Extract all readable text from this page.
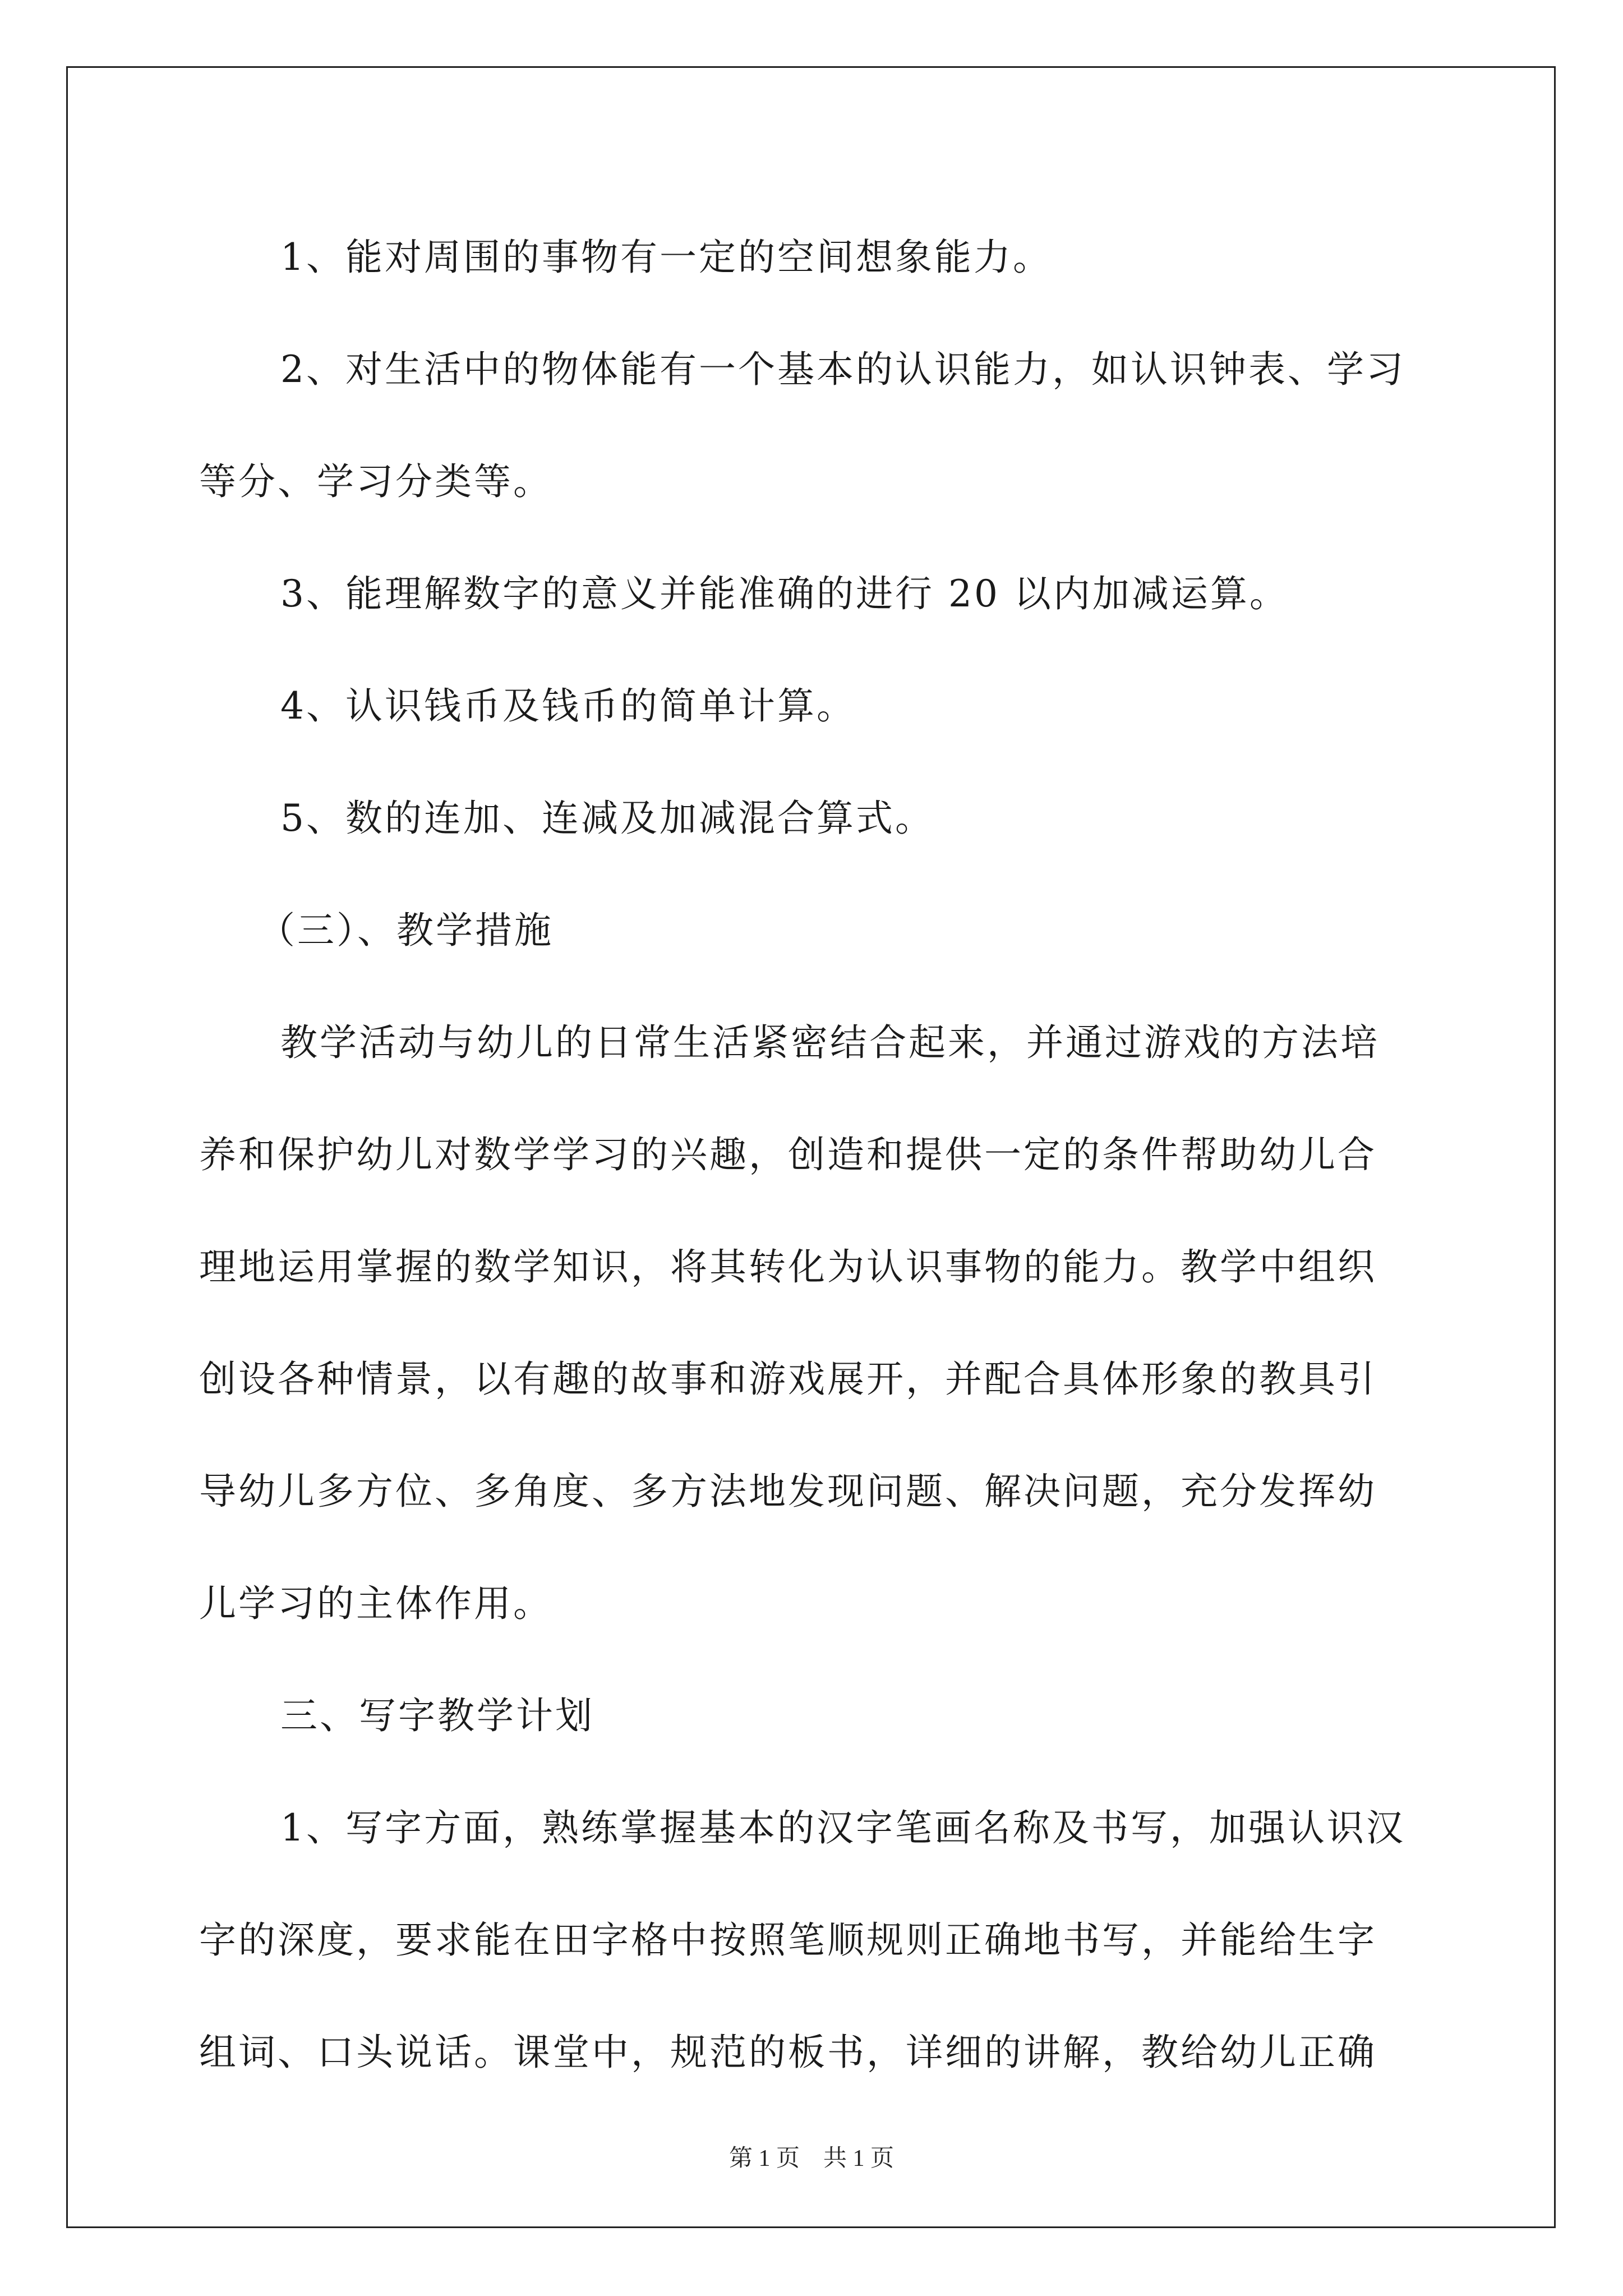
1、能对周围的事物有一定的空间想象能力。
2、对生活中的物体能有一个基本的认识能力，如认识钟表、学习
等分、学习分类等。
3、能理解数字的意义并能准确的进行 20 以内加减运算。
4、认识钱币及钱币的简单计算。
5、数的连加、连减及加减混合算式。
（三）、教学措施
教学活动与幼儿的日常生活紧密结合起来，并通过游戏的方法培
养和保护幼儿对数学学习的兴趣，创造和提供一定的条件帮助幼儿合
理地运用掌握的数学知识，将其转化为认识事物的能力。教学中组织
创设各种情景，以有趣的故事和游戏展开，并配合具体形象的教具引
导幼儿多方位、多角度、多方法地发现问题、解决问题，充分发挥幼
儿学习的主体作用。
三、写字教学计划
1、写字方面，熟练掌握基本的汉字笔画名称及书写，加强认识汉
字的深度，要求能在田字格中按照笔顺规则正确地书写，并能给生字
组词、口头说话。课堂中，规范的板书，详细的讲解，教给幼儿正确
第 1 页　共 1 页
